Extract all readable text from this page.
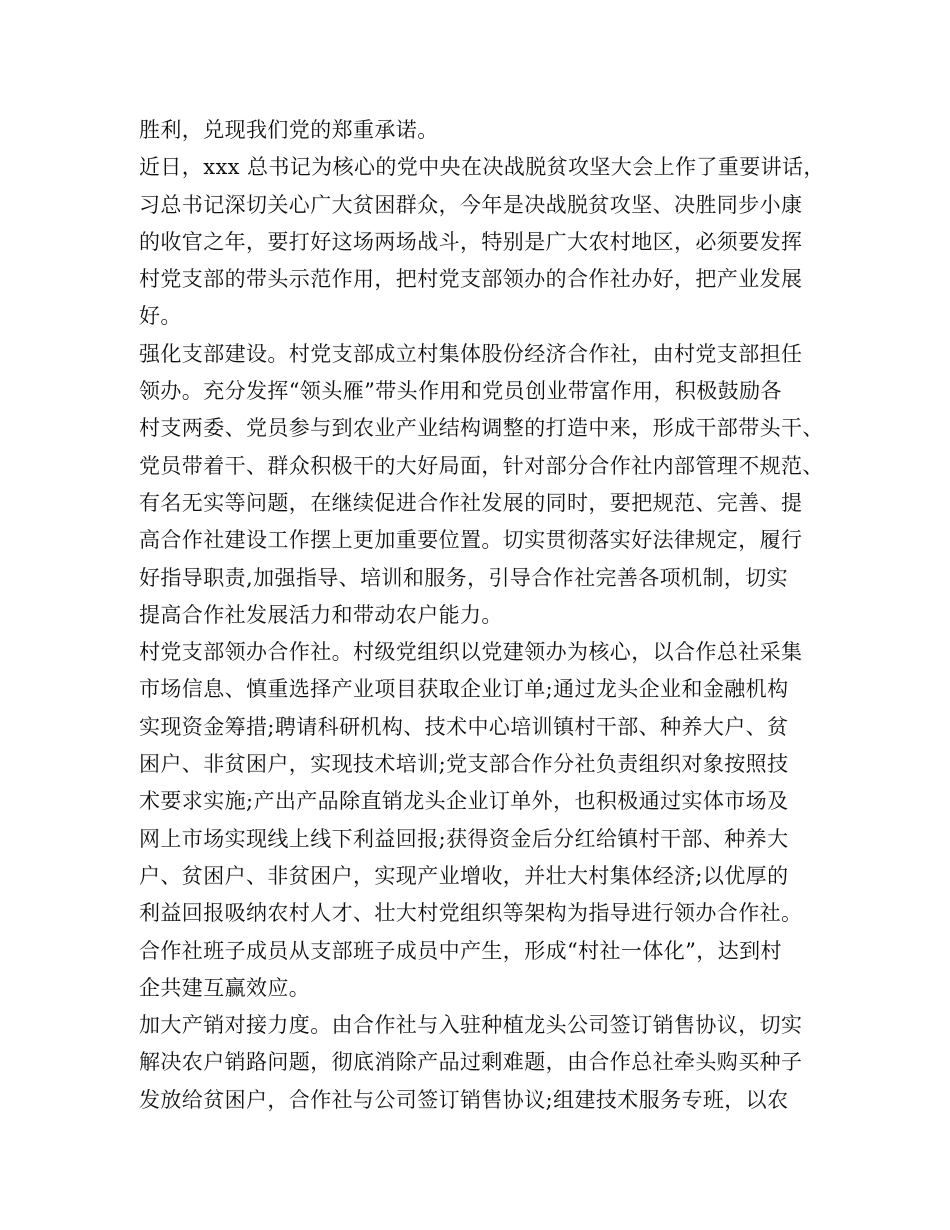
胜利，兑现我们党的郑重承诺。
近日，xxx 总书记为核心的党中央在决战脱贫攻坚大会上作了重要讲话，
习总书记深切关心广大贫困群众，今年是决战脱贫攻坚、决胜同步小康
的收官之年，要打好这场两场战斗，特别是广大农村地区，必须要发挥
村党支部的带头示范作用，把村党支部领办的合作社办好，把产业发展
好。
强化支部建设。村党支部成立村集体股份经济合作社，由村党支部担任
领办。充分发挥“领头雁”带头作用和党员创业带富作用，积极鼓励各
村支两委、党员参与到农业产业结构调整的打造中来，形成干部带头干、
党员带着干、群众积极干的大好局面，针对部分合作社内部管理不规范、
有名无实等问题，在继续促进合作社发展的同时，要把规范、完善、提
高合作社建设工作摆上更加重要位置。切实贯彻落实好法律规定，履行
好指导职责,加强指导、培训和服务，引导合作社完善各项机制，切实
提高合作社发展活力和带动农户能力。
村党支部领办合作社。村级党组织以党建领办为核心，以合作总社采集
市场信息、慎重选择产业项目获取企业订单;通过龙头企业和金融机构
实现资金筹措;聘请科研机构、技术中心培训镇村干部、种养大户、贫
困户、非贫困户，实现技术培训;党支部合作分社负责组织对象按照技
术要求实施;产出产品除直销龙头企业订单外，也积极通过实体市场及
网上市场实现线上线下利益回报;获得资金后分红给镇村干部、种养大
户、贫困户、非贫困户，实现产业增收，并壮大村集体经济;以优厚的
利益回报吸纳农村人才、壮大村党组织等架构为指导进行领办合作社。
合作社班子成员从支部班子成员中产生，形成“村社一体化”，达到村
企共建互赢效应。
加大产销对接力度。由合作社与入驻种植龙头公司签订销售协议，切实
解决农户销路问题，彻底消除产品过剩难题，由合作总社牵头购买种子
发放给贫困户，合作社与公司签订销售协议;组建技术服务专班，以农
